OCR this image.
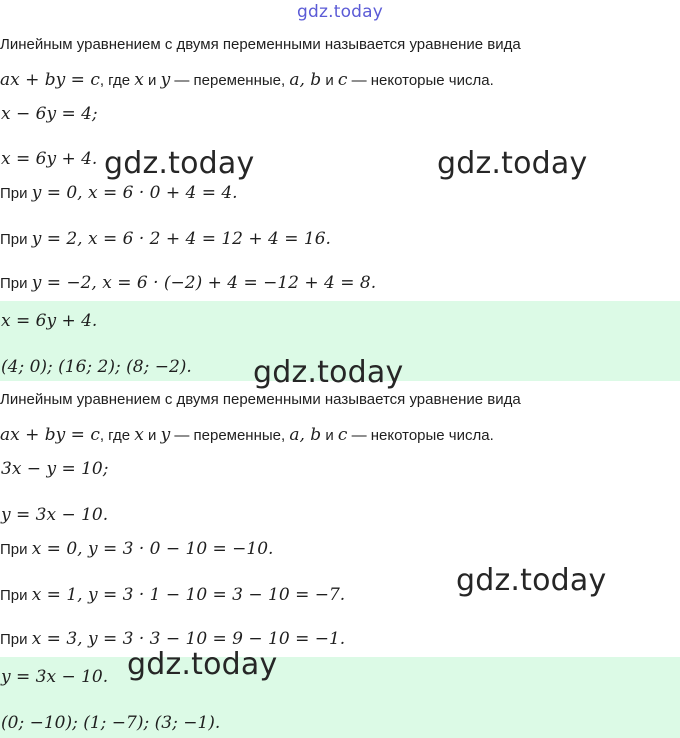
gdz.today
Линейным уравнением с двумя переменными называется уравнение вида
ax + by = c, где x и y — переменные, a, b и c — некоторые числа.
x − 6y = 4;
x = 6y + 4.
При y = 0, x = 6 · 0 + 4 = 4.
При y = 2, x = 6 · 2 + 4 = 12 + 4 = 16.
При y = −2, x = 6 · (−2) + 4 = −12 + 4 = 8.
x = 6y + 4.
(4; 0); (16; 2); (8; −2).
Линейным уравнением с двумя переменными называется уравнение вида
ax + by = c, где x и y — переменные, a, b и c — некоторые числа.
3x − y = 10;
y = 3x − 10.
При x = 0, y = 3 · 0 − 10 = −10.
При x = 1, y = 3 · 1 − 10 = 3 − 10 = −7.
При x = 3, y = 3 · 3 − 10 = 9 − 10 = −1.
y = 3x − 10.
(0; −10); (1; −7); (3; −1).
gdz.today	gdz.today
gdz.today
gdz.today
gdz.today
